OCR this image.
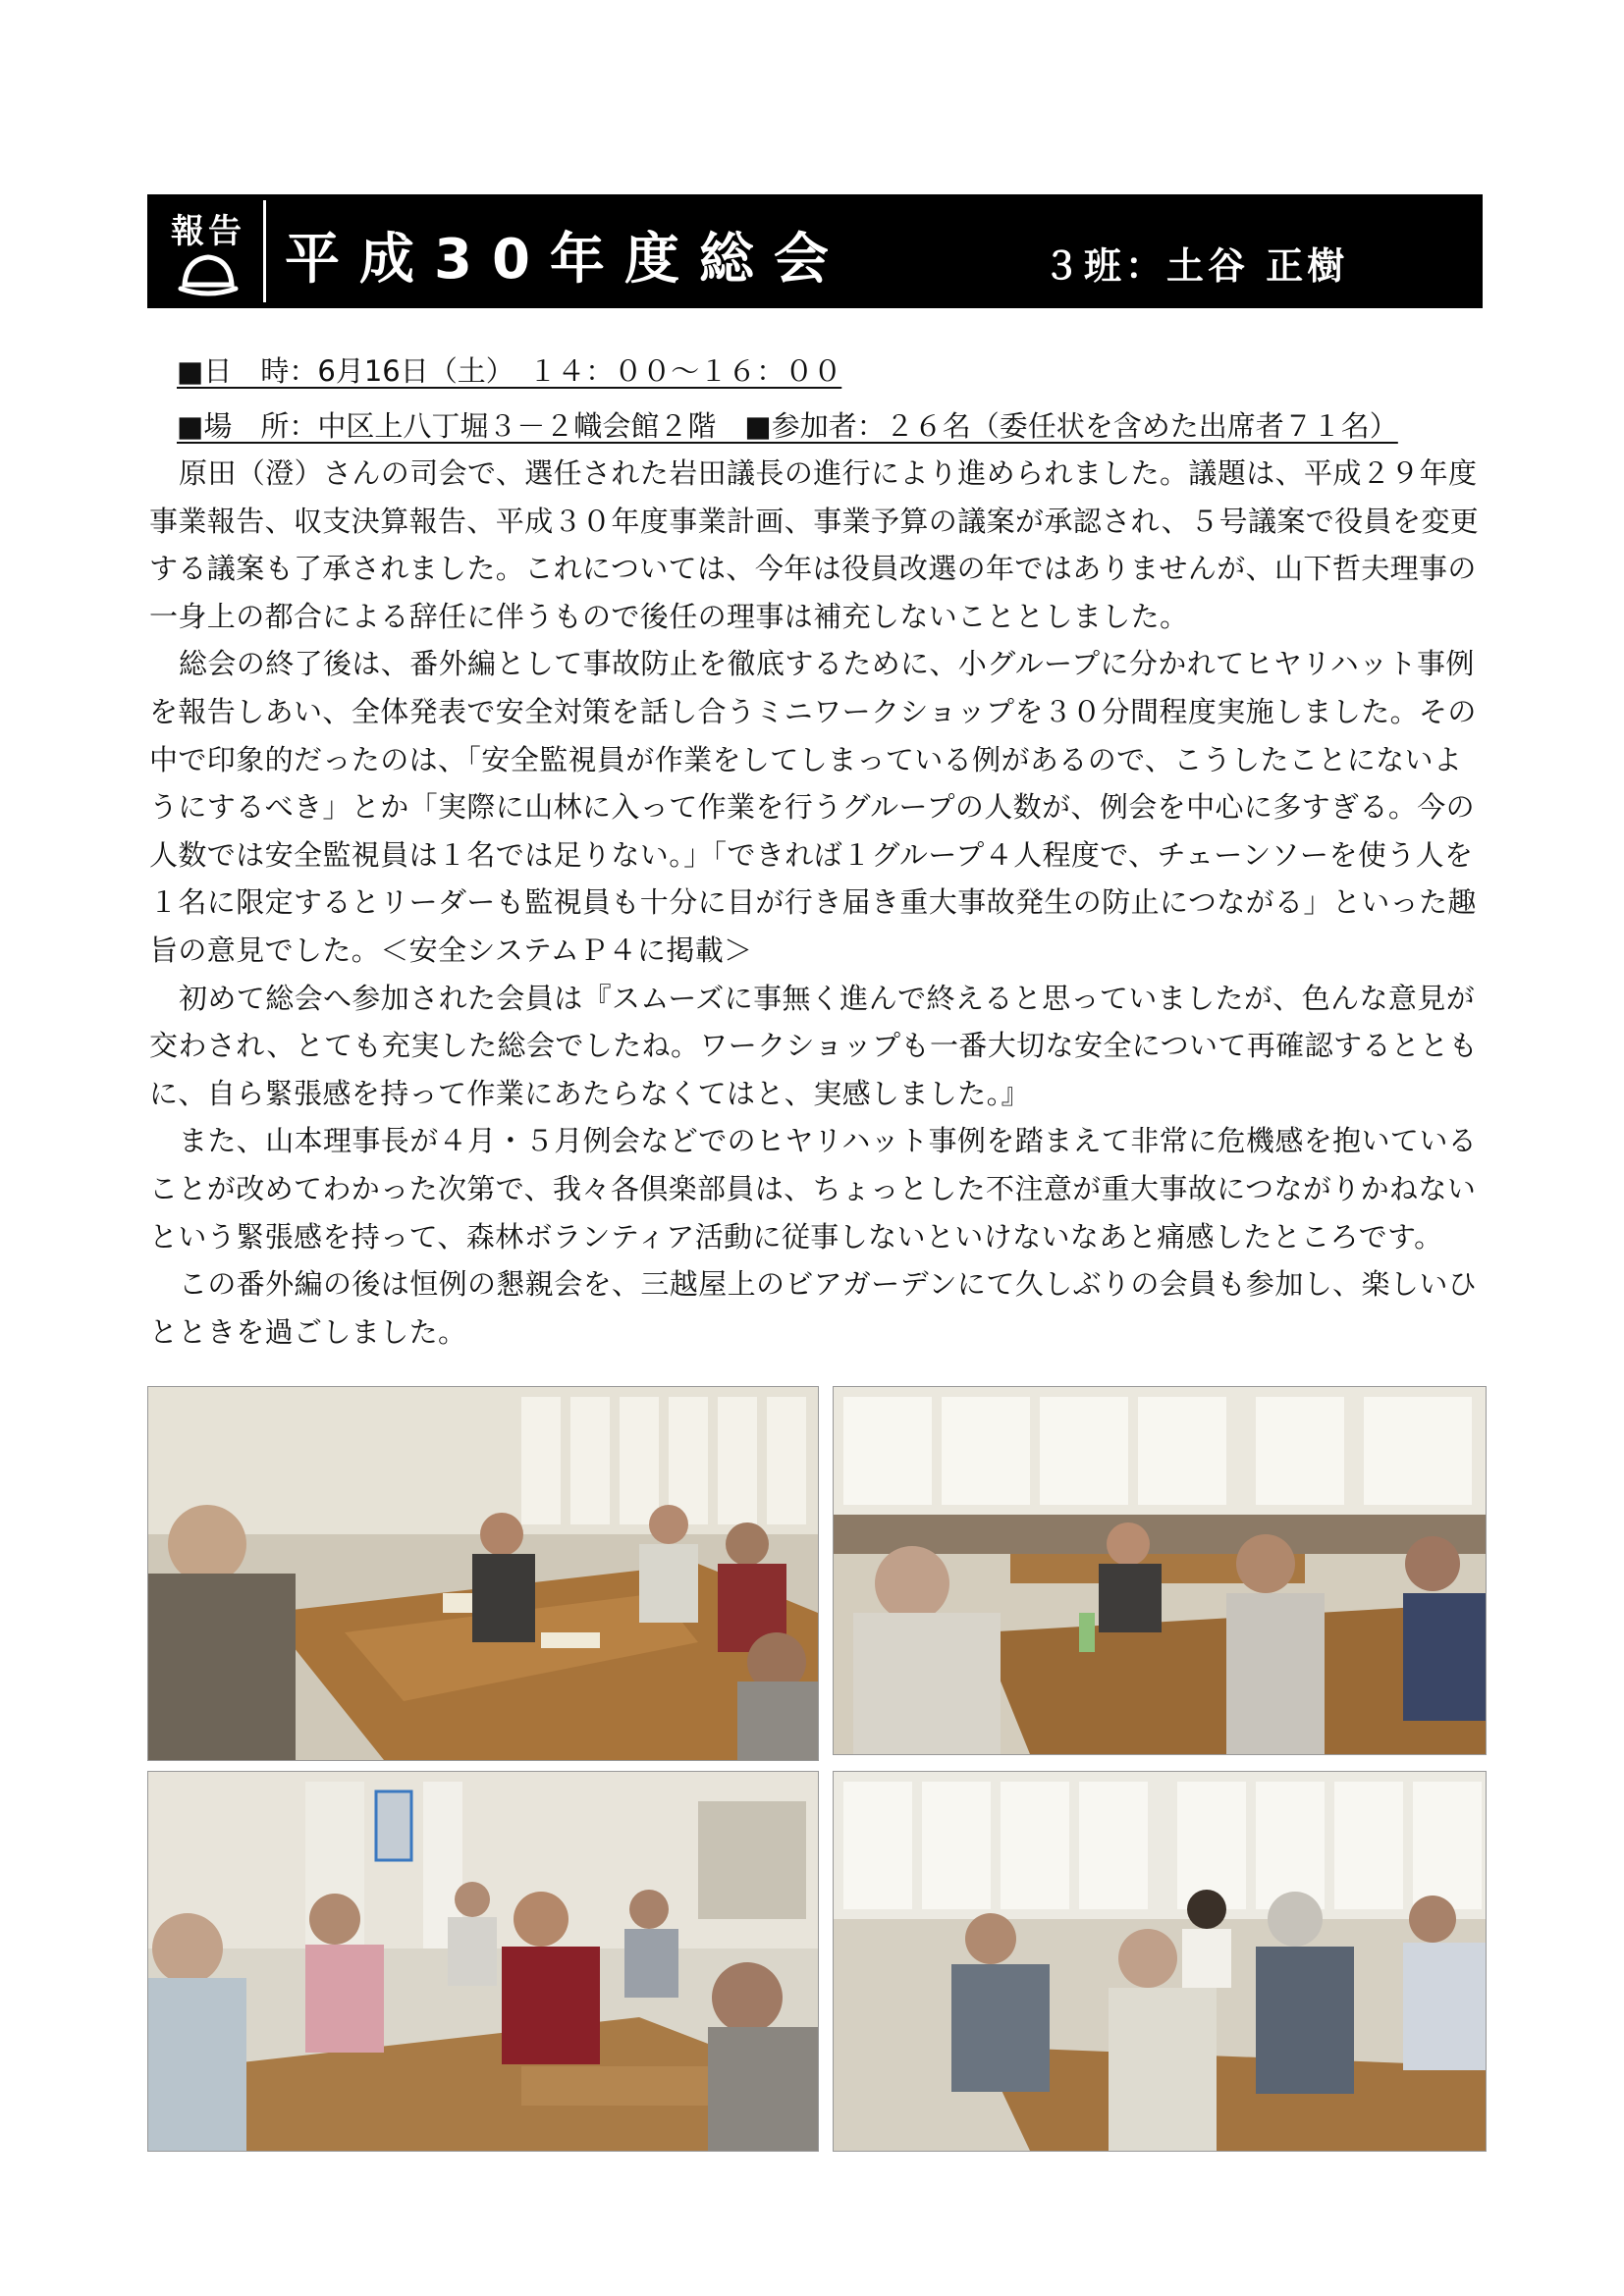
報告 平成30年度総会	３班：土谷 正樹
■日　時：6月16日（土）　１４：００～１６：００
■場　所：中区上八丁堀３－２幟会館２階　■参加者：２６名（委任状を含めた出席者７１名）

原田（澄）さんの司会で、選任された岩田議長の進行により進められました。議題は、平成２９年度事業報告、収支決算報告、平成３０年度事業計画、事業予算の議案が承認され、５号議案で役員を変更する議案も了承されました。これについては、今年は役員改選の年ではありませんが、山下哲夫理事の一身上の都合による辞任に伴うもので後任の理事は補充しないこととしました。

総会の終了後は、番外編として事故防止を徹底するために、小グループに分かれてヒヤリハット事例を報告しあい、全体発表で安全対策を話し合うミニワークショップを３０分間程度実施しました。その中で印象的だったのは、「安全監視員が作業をしてしまっている例があるので、こうしたことにないようにするべき」とか「実際に山林に入って作業を行うグループの人数が、例会を中心に多すぎる。今の人数では安全監視員は１名では足りない。」「できれば１グループ４人程度で、チェーンソーを使う人を１名に限定するとリーダーも監視員も十分に目が行き届き重大事故発生の防止につながる」といった趣旨の意見でした。＜安全システムＰ４に掲載＞

初めて総会へ参加された会員は『スムーズに事無く進んで終えると思っていましたが、色んな意見が交わされ、とても充実した総会でしたね。ワークショップも一番大切な安全について再確認するとともに、自ら緊張感を持って作業にあたらなくてはと、実感しました。』

また、山本理事長が４月・５月例会などでのヒヤリハット事例を踏まえて非常に危機感を抱いていることが改めてわかった次第で、我々各倶楽部員は、ちょっとした不注意が重大事故につながりかねないという緊張感を持って、森林ボランティア活動に従事しないといけないなあと痛感したところです。

この番外編の後は恒例の懇親会を、三越屋上のビアガーデンにて久しぶりの会員も参加し、楽しいひとときを過ごしました。
